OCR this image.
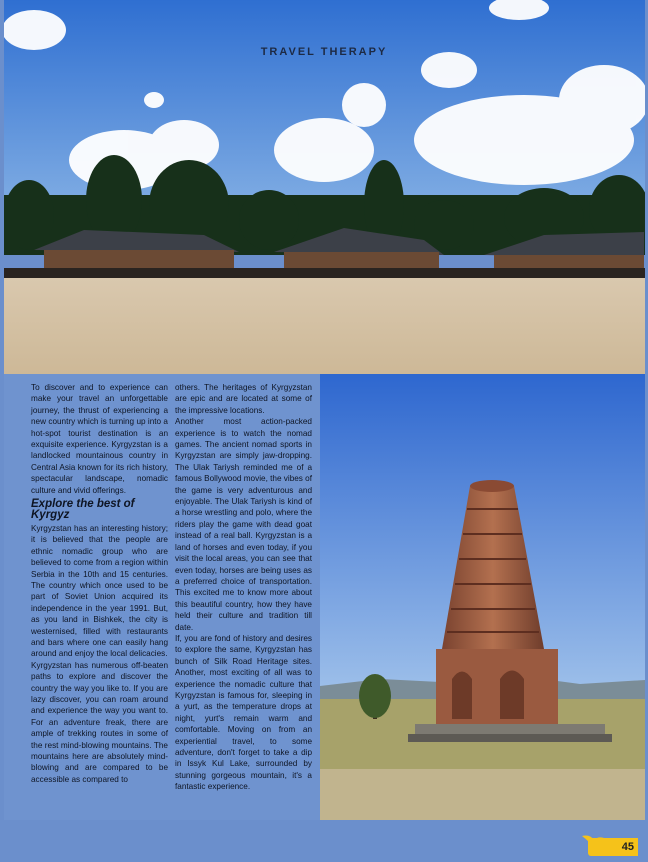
TRAVEL THERAPY

To discover and to experience can make your travel an unforgettable journey, the thrust of experiencing a new country which is turning up into a hot-spot tourist destination is an exquisite experience. Kyrgyzstan is a landlocked mountainous country in Central Asia known for its rich history, spectacular landscape, nomadic culture and vivid offerings.

Explore the best of Kyrgyz

Kyrgyzstan has an interesting history; it is believed that the people are ethnic nomadic group who are believed to come from a region within Serbia in the 10th and 15 centuries. The country which once used to be part of Soviet Union acquired its independence in the year 1991. But, as you land in Bishkek, the city is westernised, filled with restaurants and bars where one can easily hang around and enjoy the local delicacies.

Kyrgyzstan has numerous off-beaten paths to explore and discover the country the way you like to. If you are lazy discover, you can roam around and experience the way you want to. For an adventure freak, there are ample of trekking routes in some of the rest mind-blowing mountains. The mountains here are absolutely mind-blowing and are compared to be accessible as compared to

others. The heritages of Kyrgyzstan are epic and are located at some of the impressive locations.

Another most action-packed experience is to watch the nomad games. The ancient nomad sports in Kyrgyzstan are simply jaw-dropping. The Ulak Tariysh reminded me of a famous Bollywood movie, the vibes of the game is very adventurous and enjoyable. The Ulak Tariysh is kind of a horse wrestling and polo, where the riders play the game with dead goat instead of a real ball. Kyrgyzstan is a land of horses and even today, if you visit the local areas, you can see that even today, horses are being uses as a preferred choice of transportation. This excited me to know more about this beautiful country, how they have held their culture and tradition till date.

If, you are fond of history and desires to explore the same, Kyrgyzstan has bunch of Silk Road Heritage sites. Another, most exciting of all was to experience the nomadic culture that Kyrgyzstan is famous for, sleeping in a yurt, as the temperature drops at night, yurt's remain warm and comfortable. Moving on from an experiential travel, to some adventure, don't forget to take a dip in Issyk Kul Lake, surrounded by stunning gorgeous mountain, it's a fantastic experience.

45
